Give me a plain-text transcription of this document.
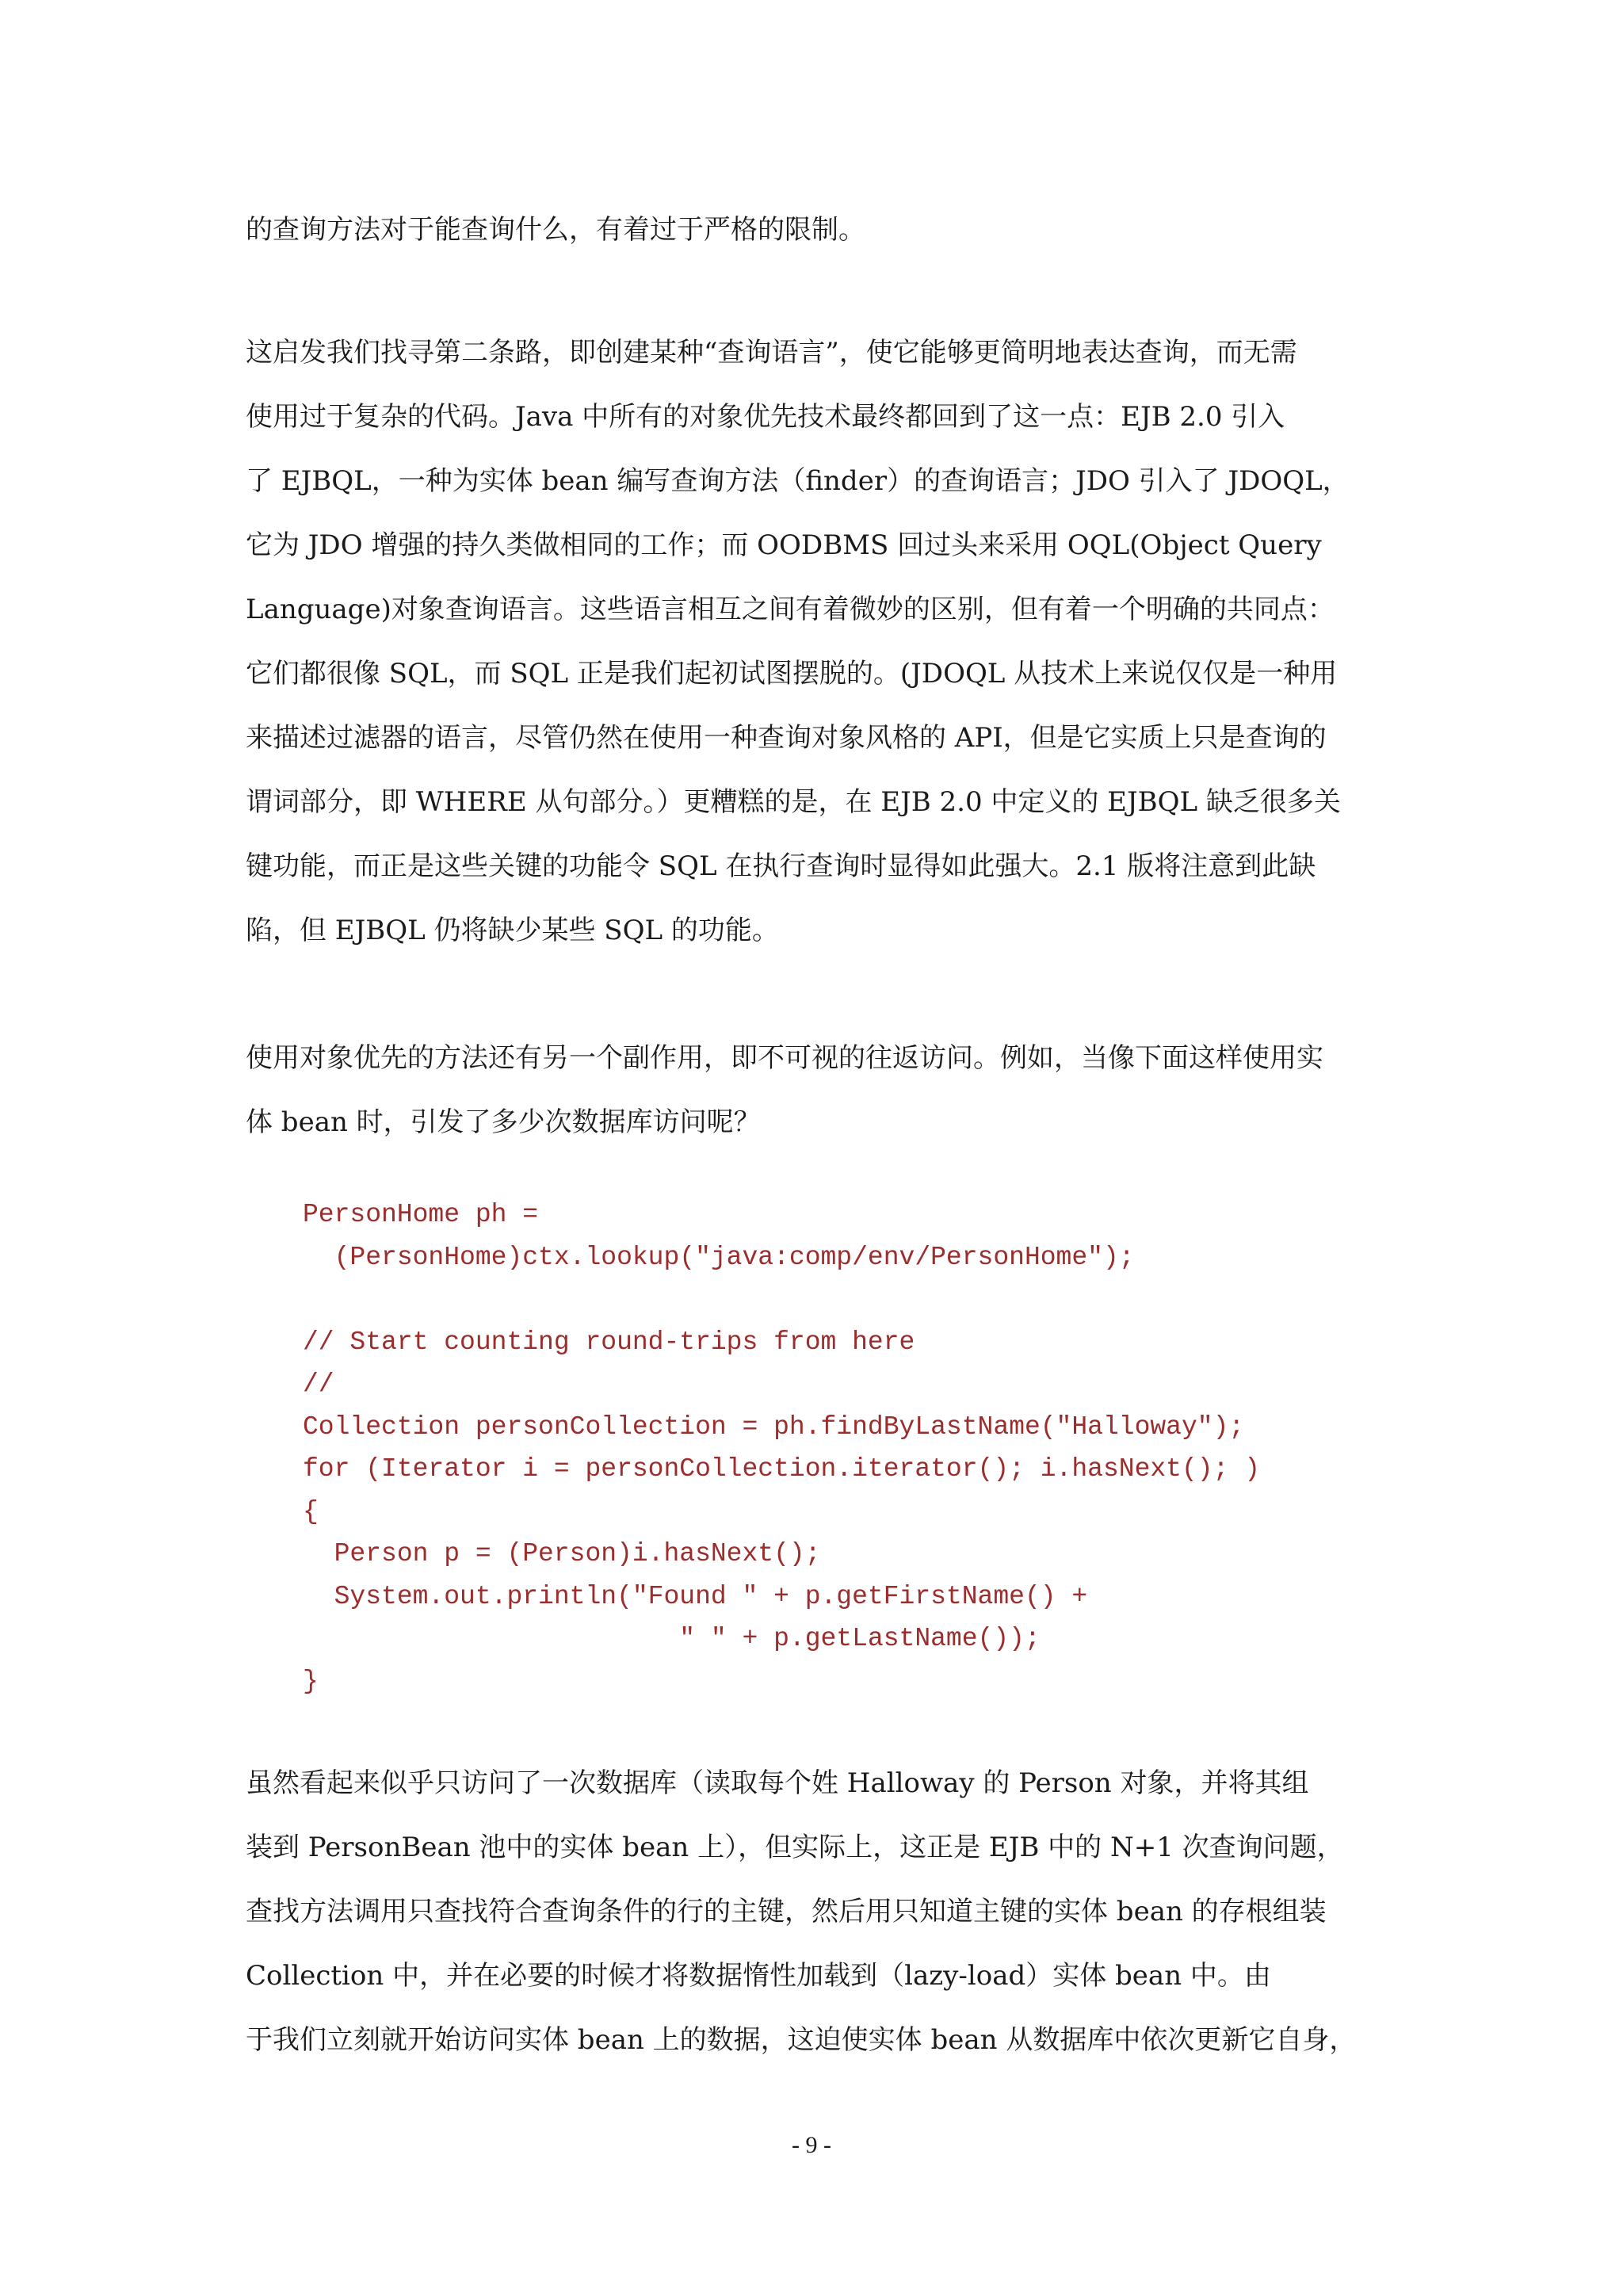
的查询方法对于能查询什么，有着过于严格的限制。

这启发我们找寻第二条路，即创建某种“查询语言”，使它能够更简明地表达查询，而无需
使用过于复杂的代码。Java 中所有的对象优先技术最终都回到了这一点：EJB 2.0 引入
了 EJBQL，一种为实体 bean 编写查询方法（finder）的查询语言；JDO 引入了 JDOQL，
它为 JDO 增强的持久类做相同的工作；而 OODBMS 回过头来采用 OQL(Object Query
Language)对象查询语言。这些语言相互之间有着微妙的区别，但有着一个明确的共同点：
它们都很像 SQL，而 SQL 正是我们起初试图摆脱的。(JDOQL 从技术上来说仅仅是一种用
来描述过滤器的语言，尽管仍然在使用一种查询对象风格的 API，但是它实质上只是查询的
谓词部分，即 WHERE 从句部分。）更糟糕的是，在 EJB 2.0 中定义的 EJBQL 缺乏很多关
键功能，而正是这些关键的功能令 SQL 在执行查询时显得如此强大。2.1 版将注意到此缺
陷，但 EJBQL 仍将缺少某些 SQL 的功能。

使用对象优先的方法还有另一个副作用，即不可视的往返访问。例如，当像下面这样使用实
体 bean 时，引发了多少次数据库访问呢？

PersonHome ph =
(PersonHome)ctx.lookup("java:comp/env/PersonHome");
// Start counting round-trips from here
//
Collection personCollection = ph.findByLastName("Halloway");
for (Iterator i = personCollection.iterator(); i.hasNext(); )
{
Person p = (Person)i.hasNext();
System.out.println("Found " + p.getFirstName() +
" " + p.getLastName());
}

虽然看起来似乎只访问了一次数据库（读取每个姓 Halloway 的 Person 对象，并将其组
装到 PersonBean 池中的实体 bean 上），但实际上，这正是 EJB 中的 N+1 次查询问题，
查找方法调用只查找符合查询条件的行的主键，然后用只知道主键的实体 bean 的存根组装
Collection 中，并在必要的时候才将数据惰性加载到（lazy-load）实体 bean 中。由
于我们立刻就开始访问实体 bean 上的数据，这迫使实体 bean 从数据库中依次更新它自身，

- 9 -
